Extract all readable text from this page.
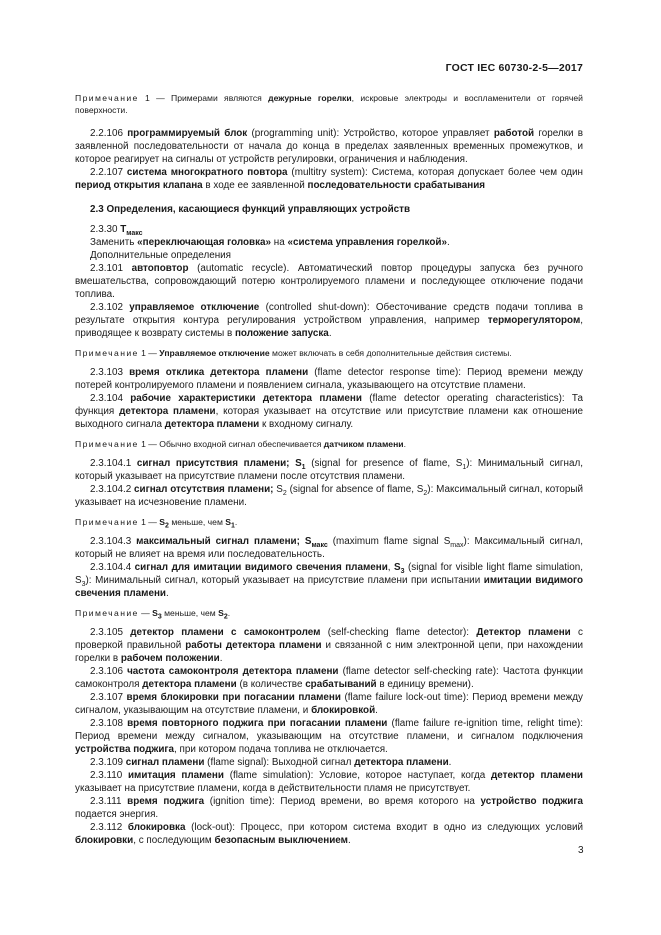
ГОСТ IEC 60730-2-5—2017

Примечание 1 — Примерами являются дежурные горелки, искровые электроды и воспламенители от горячей поверхности.

2.2.106 программируемый блок (programming unit): Устройство, которое управляет работой горелки в заявленной последовательности от начала до конца в пределах заявленных временных промежутков, и которое реагирует на сигналы от устройств регулировки, ограничения и наблюдения.

2.2.107 система многократного повтора (multitry system): Система, которая допускает более чем один период открытия клапана в ходе ее заявленной последовательности срабатывания

2.3 Определения, касающиеся функций управляющих устройств

2.3.30 $T_{макс}$

Заменить «переключающая головка» на «система управления горелкой».

Дополнительные определения

2.3.101 автоповтор (automatic recycle). Автоматический повтор процедуры запуска без ручного вмешательства, сопровождающий потерю контролируемого пламени и последующее отключение подачи топлива.

2.3.102 управляемое отключение (controlled shut-down): Обесточивание средств подачи топлива в результате открытия контура регулирования устройством управления, например терморегулятором, приводящее к возврату системы в положение запуска.

Примечание 1 — Управляемое отключение может включать в себя дополнительные действия системы.

2.3.103 время отклика детектора пламени (flame detector response time): Период времени между потерей контролируемого пламени и появлением сигнала, указывающего на отсутствие пламени.

2.3.104 рабочие характеристики детектора пламени (flame detector operating characteristics): Та функция детектора пламени, которая указывает на отсутствие или присутствие пламени как отношение выходного сигнала детектора пламени к входному сигналу.

Примечание 1 — Обычно входной сигнал обеспечивается датчиком пламени.

2.3.104.1 сигнал присутствия пламени; $S_1$ (signal for presence of flame, $S_1$): Минимальный сигнал, который указывает на присутствие пламени после отсутствия пламени.

2.3.104.2 сигнал отсутствия пламени; $S_2$ (signal for absence of flame, $S_2$): Максимальный сигнал, который указывает на исчезновение пламени.

Примечание 1 — $S_2$ меньше, чем $S_1$.

2.3.104.3 максимальный сигнал пламени; $S_{макс}$ (maximum flame signal $S_{max}$): Максимальный сигнал, который не влияет на время или последовательность.

2.3.104.4 сигнал для имитации видимого свечения пламени, $S_3$ (signal for visible light flame simulation, $S_3$): Минимальный сигнал, который указывает на присутствие пламени при испытании имитации видимого свечения пламени.

Примечание — $S_3$ меньше, чем $S_2$.

2.3.105 детектор пламени с самоконтролем (self-checking flame detector): Детектор пламени с проверкой правильной работы детектора пламени и связанной с ним электронной цепи, при нахождении горелки в рабочем положении.

2.3.106 частота самоконтроля детектора пламени (flame detector self-checking rate): Частота функции самоконтроля детектора пламени (в количестве срабатываний в единицу времени).

2.3.107 время блокировки при погасании пламени (flame failure lock-out time): Период времени между сигналом, указывающим на отсутствие пламени, и блокировкой.

2.3.108 время повторного поджига при погасании пламени (flame failure re-ignition time, relight time): Период времени между сигналом, указывающим на отсутствие пламени, и сигналом подключения устройства поджига, при котором подача топлива не отключается.

2.3.109 сигнал пламени (flame signal): Выходной сигнал детектора пламени.

2.3.110 имитация пламени (flame simulation): Условие, которое наступает, когда детектор пламени указывает на присутствие пламени, когда в действительности пламя не присутствует.

2.3.111 время поджига (ignition time): Период времени, во время которого на устройство поджига подается энергия.

2.3.112 блокировка (lock-out): Процесс, при котором система входит в одно из следующих условий блокировки, с последующим безопасным выключением.

3
